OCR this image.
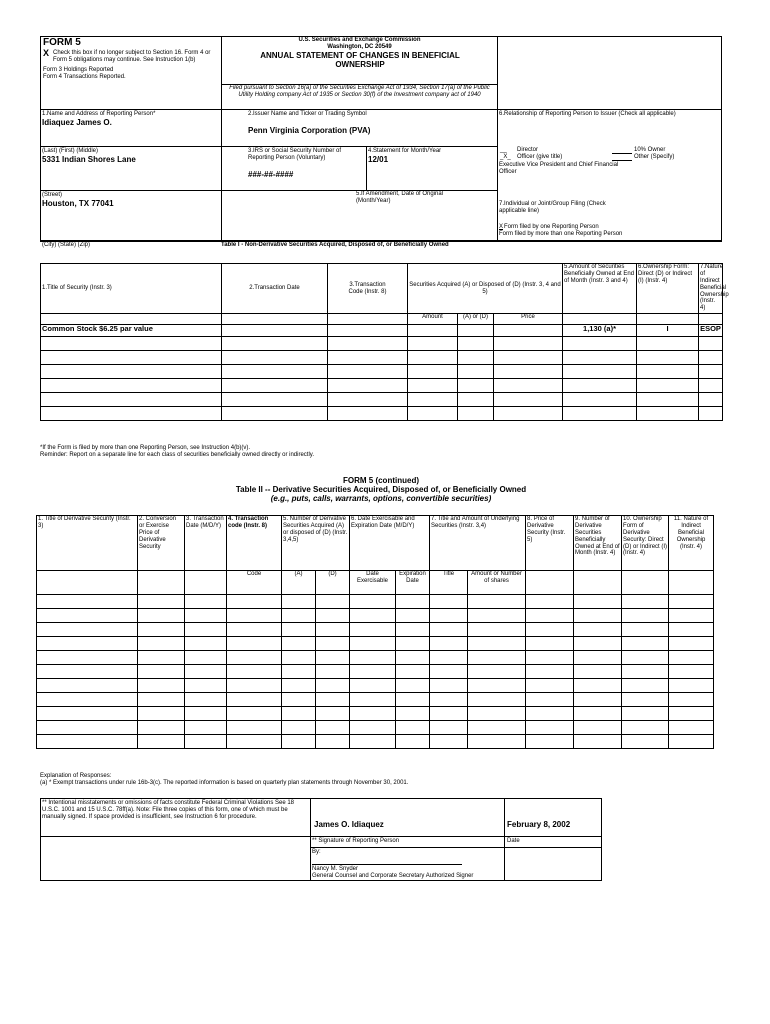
FORM 5
X Check this box if no longer subject to Section 16. Form 4 or Form 5 obligations may continue. See Instruction 1(b)
Form 3 Holdings Reported
Form 4 Transactions Reported.
U.S. Securities and Exchange Commission
Washington, DC 20549
ANNUAL STATEMENT OF CHANGES IN BENEFICIAL OWNERSHIP
Filed pursuant to Section 16(a) of the Securities Exchange Act of 1934, Section 17(a) of the Public Utility Holding company Act of 1935 or Section 30(f) of the Investment company act of 1940
1.Name and Address of Reporting Person*
Idiaquez James O.
2.Issuer Name and Ticker or Trading Symbol
Penn Virginia Corporation (PVA)
6.Relationship of Reporting Person to Issuer (Check all applicable)
(Last) (First) (Middle)
5331 Indian Shores Lane
3.IRS or Social Security Number of Reporting Person (Voluntary)
###-##-####
4.Statement for Month/Year
12/01
__ Director
_X_ Officer (give title)
10% Owner
Other (Specify)
Executive Vice President and Chief Financial Officer
(Street)
Houston, TX 77041
5.If Amendment, Date of Original (Month/Year)
7.Individual or Joint/Group Filing (Check applicable line)
X Form filed by one Reporting Person
Form filed by more than one Reporting Person
(City) (State) (Zip)	Table I - Non-Derivative Securities Acquired, Disposed of, or Beneficially Owned
1.Title of Security (Instr. 3)	2.Transaction Date	3.Transaction Code (Instr. 8)	Securities Acquired (A) or Disposed of (D) (Instr. 3, 4 and 5)			5.Amount of Securities Beneficially Owned at End of Month (Instr. 3 and 4)	6.Ownership Form: Direct (D) or Indirect (I) (Instr. 4)	7.Nature of Indirect Beneficial Ownership (Instr. 4)
			Amount	(A) or (D)	Price			
Common Stock $6.25 par value						1,130 (a)*	I	ESOP

*If the Form is filed by more than one Reporting Person, see Instruction 4(b)(v).
Reminder: Report on a separate line for each class of securities beneficially owned directly or indirectly.
FORM 5 (continued)
Table II -- Derivative Securities Acquired, Disposed of, or Beneficially Owned
(e.g., puts, calls, warrants, options, convertible securities)
1. Title of Derivative Security (Instr. 3)	2. Conversion or Exercise Price of Derivative Security	3. Transaction Date (M/D/Y)	4. Transaction code (Instr. 8)	5. Number of Derivative Securities Acquired (A) or disposed of (D) (Instr. 3,4,5)		6. Date Exercisable and Expiration Date (M/D/Y)		7. Title and Amount of Underlying Securities (Instr. 3,4)		8. Price of Derivative Security (Instr. 5)	9. Number of Derivative Securities Beneficially Owned at End of Month (Instr. 4)	10. Ownership Form of Derivative Security: Direct (D) or Indirect (I) (Instr. 4)	11. Nature of Indirect Beneficial Ownership (Instr. 4)
			Code	(A)	(D)	Date Exercisable	Expiration Date	Title	Amount or Number of shares				

Explanation of Responses:
(a) * Exempt transactions under rule 16b-3(c). The reported information is based on quarterly plan statements through November 30, 2001.
** Intentional misstatements or omissions of facts constitute Federal Criminal Violations See 18 U.S.C. 1001 and 15 U.S.C. 78ff(a). Note: File three copies of this form, one of which must be manually signed. If space provided is insufficient, see Instruction 6 for procedure.
James O. Idiaquez	February 8, 2002
** Signature of Reporting Person	Date
By:
Nancy M. Snyder
General Counsel and Corporate Secretary Authorized Signer
